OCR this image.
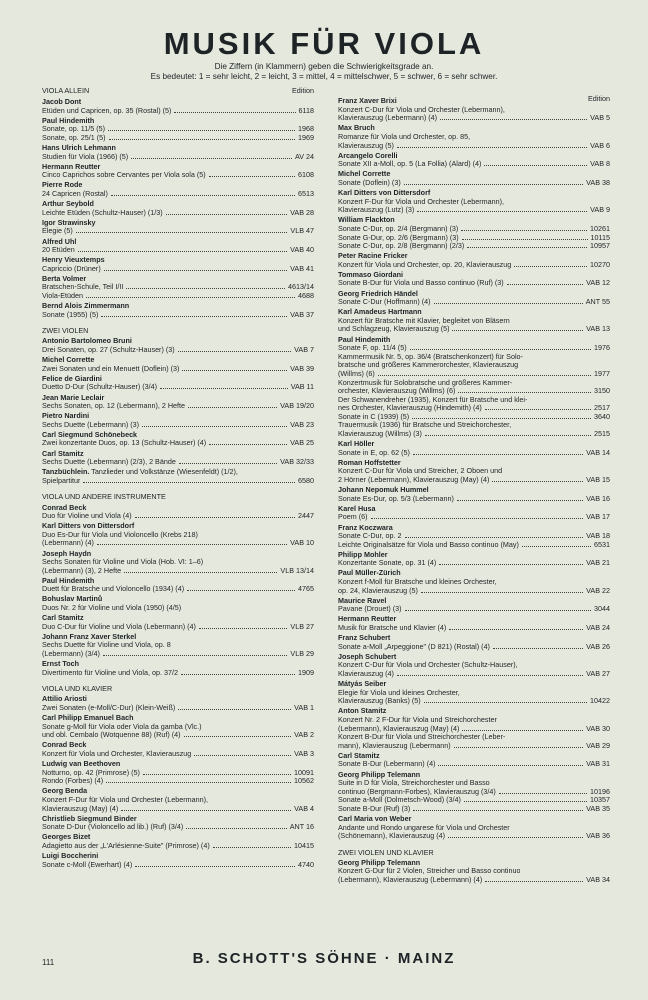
MUSIK FÜR VIOLA

Die Ziffern (in Klammern) geben die Schwierigkeitsgrade an.

Es bedeutet: 1 = sehr leicht, 2 = leicht, 3 = mittel, 4 = mittelschwer, 5 = schwer, 6 = sehr schwer.

VIOLA ALLEIN	Edition
Jacob Dont
Etüden und Capricen, op. 35 (Rostal) (5)	6118
Paul Hindemith
Sonate, op. 11/5 (5)	1968
Sonate, op. 25/1 (5)	1969
Hans Ulrich Lehmann
Studien für Viola (1966) (5)	AV 24
Hermann Reutter
Cinco Caprichos sobre Cervantes per Viola sola (5)	6108
Pierre Rode
24 Capricen (Rostal)	6513
Arthur Seybold
Leichte Etüden (Schultz-Hauser) (1/3)	VAB 28
Igor Strawinsky
Elegie (5)	VLB 47
Alfred Uhl
20 Etüden	VAB 40
Henry Vieuxtemps
Capriccio (Drüner)	VAB 41
Berta Volmer
Bratschen-Schule, Teil I/II	4613/14
Viola-Etüden	4688
Bernd Alois Zimmermann
Sonate (1955) (5)	VAB 37
ZWEI VIOLEN
Antonio Bartolomeo Bruni
Drei Sonaten, op. 27 (Schultz-Hauser) (3)	VAB 7
Michel Corrette
Zwei Sonaten und ein Menuett (Doflein) (3)	VAB 39
Felice de Giardini
Duetto D-Dur (Schultz-Hauser) (3/4)	VAB 11
Jean Marie Leclair
Sechs Sonaten, op. 12 (Lebermann), 2 Hefte	VAB 19/20
Pietro Nardini
Sechs Duette (Lebermann) (3)	VAB 23
Carl Siegmund Schönebeck
Zwei konzertante Duos, op. 13 (Schultz-Hauser) (4)	VAB 25
Carl Stamitz
Sechs Duette (Lebermann) (2/3), 2 Bände	VAB 32/33
Tanzbüchlein. Tanzlieder und Volkstänze (Wiesenfeldt) (1/2),
Spielpartitur	6580
VIOLA UND ANDERE INSTRUMENTE
Conrad Beck
Duo für Violine und Viola (4)	2447
Karl Ditters von Dittersdorf
Duo Es-Dur für Viola und Violoncello (Krebs 218)
(Lebermann) (4)	VAB 10
Joseph Haydn
Sechs Sonaten für Violine und Viola (Hob. VI: 1–6)
(Lebermann) (3), 2 Hefte	VLB 13/14
Paul Hindemith
Duett für Bratsche und Violoncello (1934) (4)	4765
Bohuslav Martinů
Duos Nr. 2 für Violine und Viola (1950) (4/5)
Carl Stamitz
Duo C-Dur für Violine und Viola (Lebermann) (4)	VLB 27
Johann Franz Xaver Sterkel
Sechs Duette für Violine und Viola, op. 8
(Lebermann) (3/4)	VLB 29
Ernst Toch
Divertimento für Violine und Viola, op. 37/2	1909
VIOLA UND KLAVIER
Attilio Ariosti
Zwei Sonaten (e-Moll/C-Dur) (Klein-Weiß)	VAB 1
Carl Philipp Emanuel Bach
Sonate g-Moll für Viola oder Viola da gamba (Vlc.)
und obl. Cembalo (Wotquenne 88) (Ruf) (4)	VAB 2
Conrad Beck
Konzert für Viola und Orchester, Klavierauszug	VAB 3
Ludwig van Beethoven
Notturno, op. 42 (Primrose) (5)	10091
Rondo (Forbes) (4)	10562
Georg Benda
Konzert F-Dur für Viola und Orchester (Lebermann),
Klavierauszug (May) (4)	VAB 4
Christlieb Siegmund Binder
Sonate D-Dur (Violoncello ad lib.) (Ruf) (3/4)	ANT 16
Georges Bizet
Adagietto aus der „L'Arlésienne-Suite" (Primrose) (4)	10415
Luigi Boccherini
Sonate c-Moll (Ewerhart) (4)	4740
Edition
Franz Xaver Brixi
Konzert C-Dur für Viola und Orchester (Lebermann),
Klavierauszug (Lebermann) (4)	VAB 5
Max Bruch
Romanze für Viola und Orchester, op. 85,
Klavierauszug (5)	VAB 6
Arcangelo Corelli
Sonate XII a-Moll, op. 5 (La Follia) (Alard) (4)	VAB 8
Michel Corrette
Sonate (Doflein) (3)	VAB 38
Karl Ditters von Dittersdorf
Konzert F-Dur für Viola und Orchester (Lebermann),
Klavierauszug (Lutz) (3)	VAB 9
William Flackton
Sonate C-Dur, op. 2/4 (Bergmann) (3)	10261
Sonate G-Dur, op. 2/6 (Bergmann) (3)	10115
Sonate C-Dur, op. 2/8 (Bergmann) (2/3)	10957
Peter Racine Fricker
Konzert für Viola und Orchester, op. 20, Klavierauszug	10270
Tommaso Giordani
Sonate B-Dur für Viola und Basso continuo (Ruf) (3)	VAB 12
Georg Friedrich Händel
Sonate C-Dur (Hoffmann) (4)	ANT 55
Karl Amadeus Hartmann
Konzert für Bratsche mit Klavier, begleitet von Bläsern
und Schlagzeug, Klavierauszug (5)	VAB 13
Paul Hindemith
Sonate F, op. 11/4 (5)	1976
Kammermusik Nr. 5, op. 36/4 (Bratschenkonzert) für Solo-
bratsche und größeres Kammerorchester, Klavierauszug
(Willms) (6)	1977
Konzertmusik für Solobratsche und größeres Kammer-
orchester, Klavierauszug (Willms) (6)	3150
Der Schwanendreher (1935), Konzert für Bratsche und klei-
nes Orchester, Klavierauszug (Hindemith) (4)	2517
Sonate in C (1939) (5)	3640
Trauermusik (1936) für Bratsche und Streichorchester,
Klavierauszug (Willms) (3)	2515
Karl Höller
Sonate in E, op. 62 (5)	VAB 14
Roman Hoffstetter
Konzert C-Dur für Viola und Streicher, 2 Oboen und
2 Hörner (Lebermann), Klavierauszug (May) (4)	VAB 15
Johann Nepomuk Hummel
Sonate Es-Dur, op. 5/3 (Lebermann)	VAB 16
Karel Husa
Poem (6)	VAB 17
Franz Koczwara
Sonate C-Dur, op. 2	VAB 18
Leichte Originalsätze für Viola und Basso continuo (May)	6531
Philipp Mohler
Konzertante Sonate, op. 31 (4)	VAB 21
Paul Müller-Zürich
Konzert f-Moll für Bratsche und kleines Orchester,
op. 24, Klavierauszug (5)	VAB 22
Maurice Ravel
Pavane (Drouet) (3)	3044
Hermann Reutter
Musik für Bratsche und Klavier (4)	VAB 24
Franz Schubert
Sonate a-Moll „Arpeggione" (D 821) (Rostal) (4)	VAB 26
Joseph Schubert
Konzert C-Dur für Viola und Orchester (Schultz-Hauser),
Klavierauszug (4)	VAB 27
Mátyás Seiber
Elegie für Viola und kleines Orchester,
Klavierauszug (Banks) (5)	10422
Anton Stamitz
Konzert Nr. 2 F-Dur für Viola und Streichorchester
(Lebermann), Klavierauszug (May) (4)	VAB 30
Konzert B-Dur für Viola und Streichorchester (Leber-
mann), Klavierauszug (Lebermann)	VAB 29
Carl Stamitz
Sonate B-Dur (Lebermann) (4)	VAB 31
Georg Philipp Telemann
Suite in D für Viola, Streichorchester und Basso
continuo (Bergmann-Forbes), Klavierauszug (3/4)	10196
Sonate a-Moll (Dolmetsch-Wood) (3/4)	10357
Sonate B-Dur (Ruf) (3)	VAB 35
Carl Maria von Weber
Andante und Rondo ungarese für Viola und Orchester
(Schönemann), Klavierauszug (4)	VAB 36
ZWEI VIOLEN UND KLAVIER
Georg Philipp Telemann
Konzert G-Dur für 2 Violen, Streicher und Basso continuo
(Lebermann), Klavierauszug (Lebermann) (4)	VAB 34
111	B. SCHOTT'S SÖHNE · MAINZ
